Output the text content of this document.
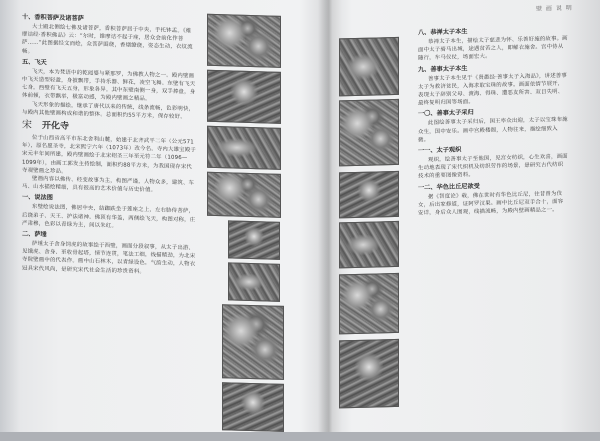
十、香积菩萨及诸菩萨

大士殿北侧绘七佛及诸菩萨，香积菩萨居于中央，手托钵盂。《维摩诘经·香积佛品》云：“尔时，维摩诘不起于座，居众会前化作菩萨……”此图据经文而绘，众菩萨围绕，香烟缭绕，姿态生动，衣纹流畅。

五、飞天

飞天，本为梵语中的乾闼婆与紧那罗，为佛教人物之一。殿内壁画中飞天造型轻盈，身披飘带，手持乐器、鲜花，凌空飞舞。东壁有飞天七身，西壁有飞天五身，形象各异。其中东壁南侧一身，双手捧盘，身体前倾，衣带飘举，极富动感，为殿内壁画之精品。

飞天形象的描绘，继承了唐代以来的传统，线条流畅，色彩明快，与殿内其他壁画构成和谐的整体。总面积约55平方米，保存较好。

宋 开化寺

位于山西省高平市东北舍利山麓，始建于北齐武平二年（公元571年），原名愿圣寺，北宋熙宁六年（1073年）改今名。寺内大雄宝殿于宋元丰年间所建，殿内壁画绘于北宋绍圣三年至元符二年（1096—1099年），由画工郭发主持绘制，面积约88平方米，为我国现存宋代寺观壁画之珍品。

壁画内容以佛传、经变故事为主，构图严谨，人物众多，建筑、车马、山水描绘精细，具有很高的艺术价值与历史价值。

一、说法图

东壁绘说法图，佛居中央，结跏趺坐于莲座之上，左右胁侍菩萨，后绕弟子、天王、护法诸神。佛顶有华盖，两侧绘飞天，构图对称，庄严肃穆，色彩以青绿为主，间以朱红。

二、萨埵

萨埵太子舍身饲虎的故事绘于西壁，画面分段叙事，从太子出游、见饿虎、舍身、至收骨起塔，情节连贯，笔法工细，线描精劲，为北宋寺院壁画中的代表作。画中山石林木，以青绿设色，气韵生动，人物衣冠具宋代风尚，是研究宋代社会生活的珍贵资料。

壁 画 说 明
八、恭禅太子本生

恭禅太子本生，描绘太子慈悲为怀、乐善好施的故事。画面中太子骑马出城，途遇贫苦之人，即解衣施舍。宫中侍从随行，车马仪仗，场面宏大。

九、善事太子本生

善事太子本生见于《贤愚经·善事太子入海品》，讲述善事太子为救济贫民，入海求取宝珠的故事。画面依情节展开，表现太子辞别父母、渡海、得珠、遭恶友所害、双目失明、最终复明归国等场面。

一〇、善事太子采归

此图绘善事太子采归后，国王率众出迎，太子以宝珠布施众生，国中安乐。画中宫殿楼阁，人物往来，描绘细致入微。

一一、太子观织

观织，绘善事太子至他国，见宫女纺织，心生欢喜，画面生动地表现了宋代织机及纺织劳作的场景，是研究古代纺织技术的重要图像资料。

一二、华色比丘尼欲受

据《智度论》载，佛在世时有华色比丘尼，往昔曾为伎女，后出家修道，证阿罗汉果。画中比丘尼双手合十，面容安详，身后众人围观，线描流畅，为殿内壁画精品之一。
